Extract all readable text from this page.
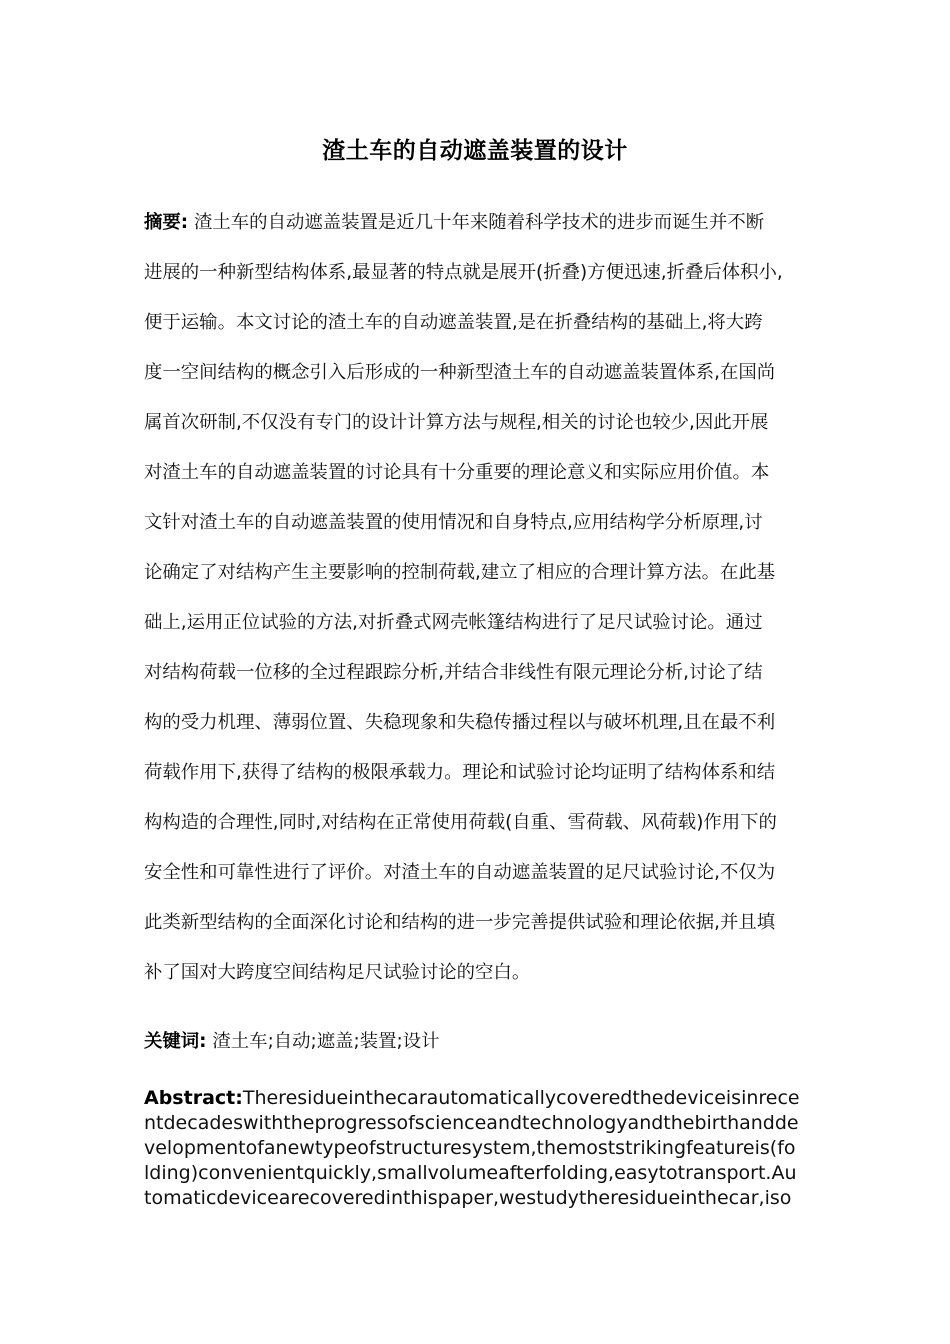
渣土车的自动遮盖装置的设计
摘要: 渣土车的自动遮盖装置是近几十年来随着科学技术的进步而诞生并不断
进展的一种新型结构体系,最显著的特点就是展开(折叠)方便迅速,折叠后体积小,
便于运输。本文讨论的渣土车的自动遮盖装置,是在折叠结构的基础上,将大跨
度一空间结构的概念引入后形成的一种新型渣土车的自动遮盖装置体系,在国尚
属首次研制,不仅没有专门的设计计算方法与规程,相关的讨论也较少,因此开展
对渣土车的自动遮盖装置的讨论具有十分重要的理论意义和实际应用价值。本
文针对渣土车的自动遮盖装置的使用情况和自身特点,应用结构学分析原理,讨
论确定了对结构产生主要影响的控制荷载,建立了相应的合理计算方法。在此基
础上,运用正位试验的方法,对折叠式网壳帐篷结构进行了足尺试验讨论。通过
对结构荷载一位移的全过程跟踪分析,并结合非线性有限元理论分析,讨论了结
构的受力机理、薄弱位置、失稳现象和失稳传播过程以与破坏机理,且在最不利
荷载作用下,获得了结构的极限承载力。理论和试验讨论均证明了结构体系和结
构构造的合理性,同时,对结构在正常使用荷载(自重、雪荷载、风荷载)作用下的
安全性和可靠性进行了评价。对渣土车的自动遮盖装置的足尺试验讨论,不仅为
此类新型结构的全面深化讨论和结构的进一步完善提供试验和理论依据,并且填
补了国对大跨度空间结构足尺试验讨论的空白。
关键词: 渣土车;自动;遮盖;装置;设计
Abstract:Theresidueinthecarautomaticallycoveredthedeviceisinrece
ntdecadeswiththeprogressofscienceandtechnologyandthebirthandde
velopmentofanewtypeofstructuresystem,themoststrikingfeatureis(fo
lding)convenientquickly,smallvolumeafterfolding,easytotransport.Au
tomaticdevicearecoveredinthispaper,westudytheresidueinthecar,iso
